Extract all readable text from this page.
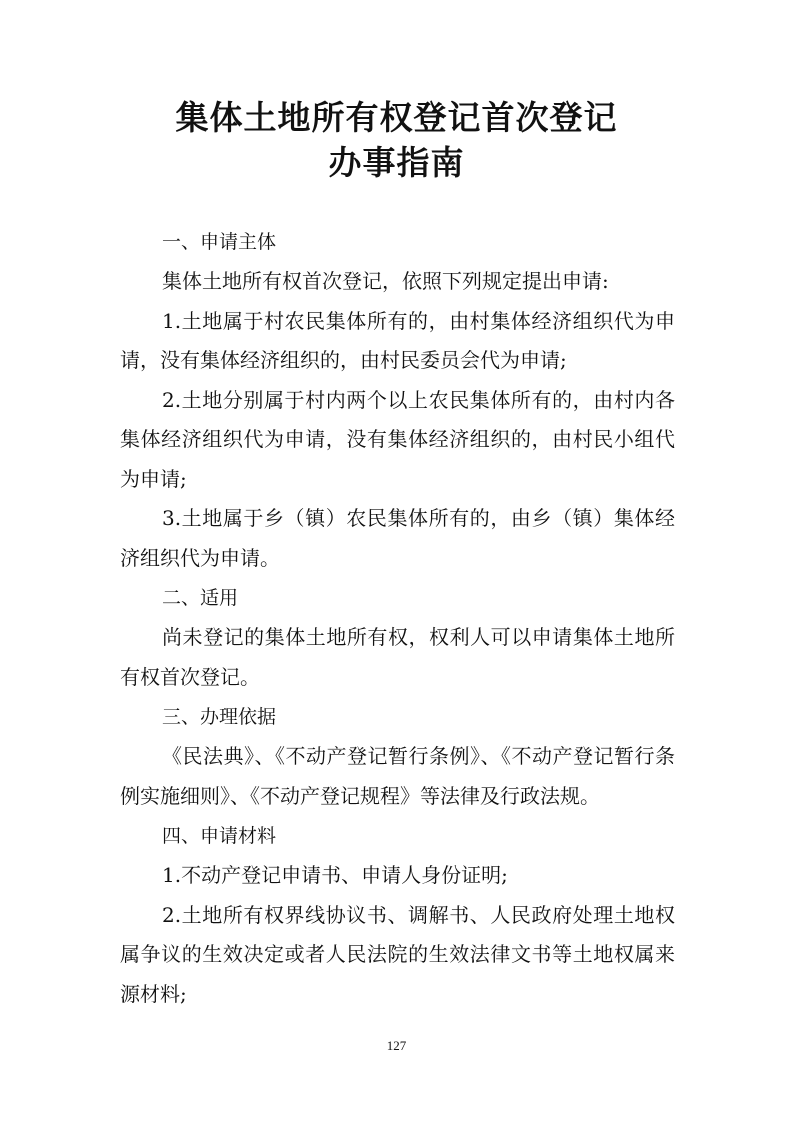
集体土地所有权登记首次登记
办事指南
一、申请主体
集体土地所有权首次登记，依照下列规定提出申请:
1.土地属于村农民集体所有的，由村集体经济组织代为申请，没有集体经济组织的，由村民委员会代为申请;
2.土地分别属于村内两个以上农民集体所有的，由村内各集体经济组织代为申请，没有集体经济组织的，由村民小组代为申请;
3.土地属于乡（镇）农民集体所有的，由乡（镇）集体经济组织代为申请。
二、适用
尚未登记的集体土地所有权，权利人可以申请集体土地所有权首次登记。
三、办理依据
《民法典》、《不动产登记暂行条例》、《不动产登记暂行条例实施细则》、《不动产登记规程》等法律及行政法规。
四、申请材料
1.不动产登记申请书、申请人身份证明;
2.土地所有权界线协议书、调解书、人民政府处理土地权属争议的生效决定或者人民法院的生效法律文书等土地权属来源材料;
127
